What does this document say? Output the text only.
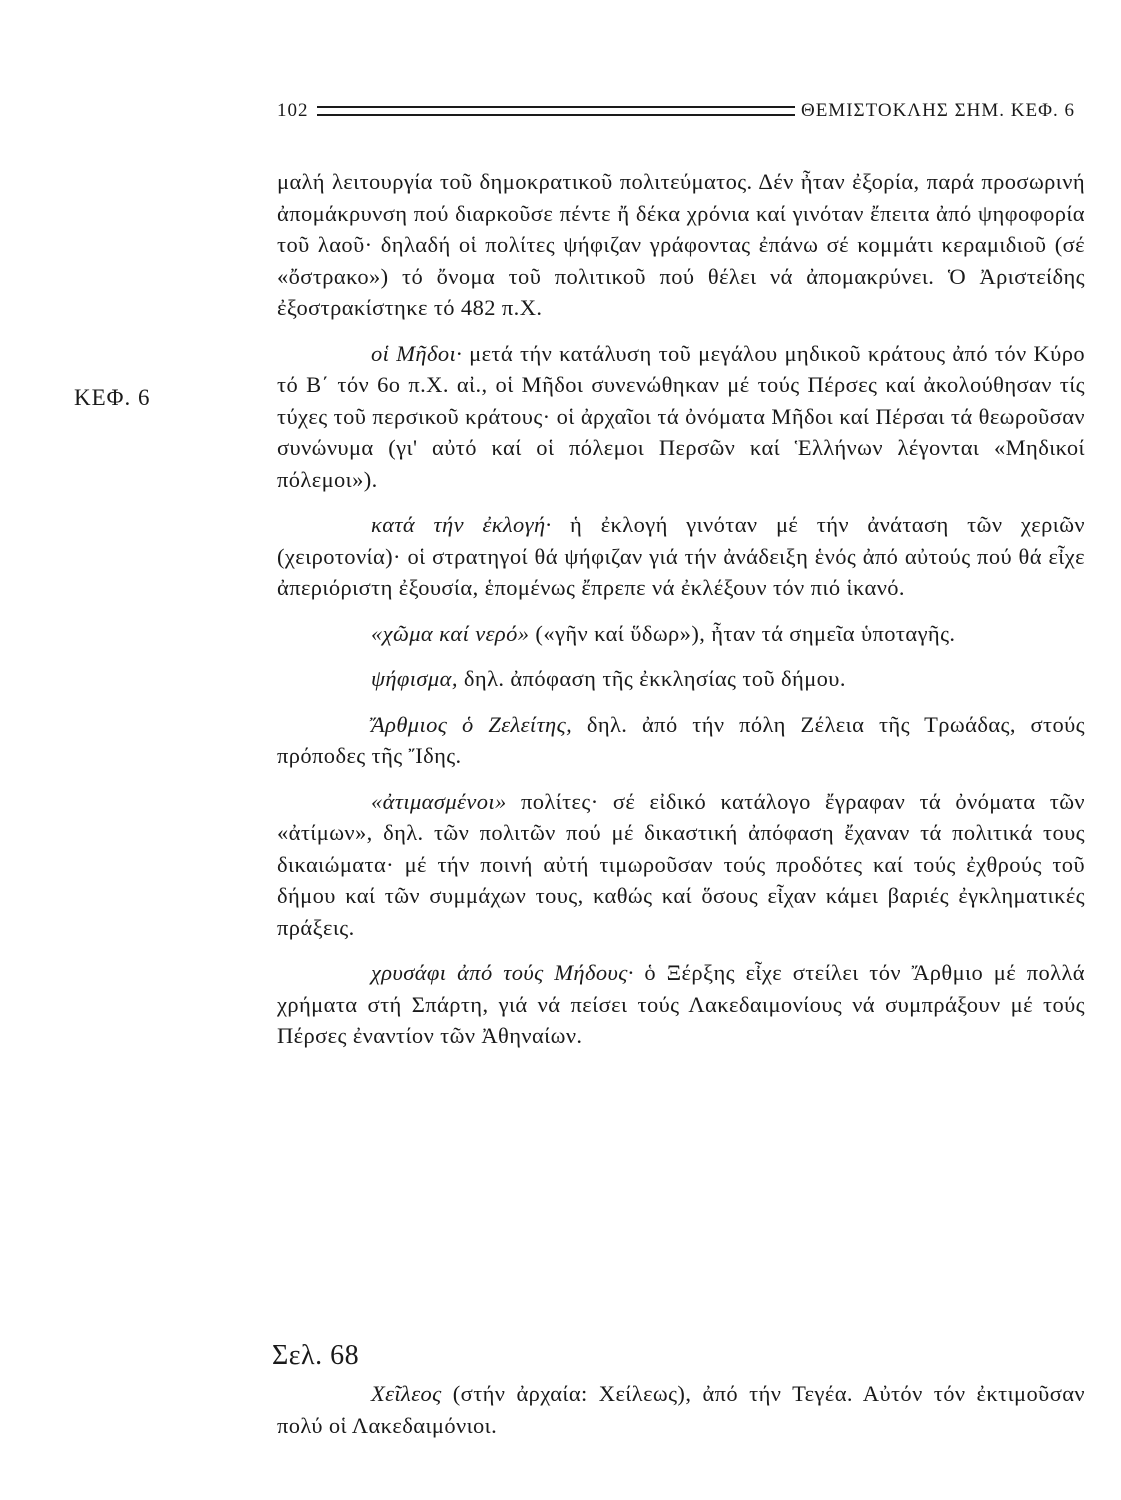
102	ΘΕΜΙΣΤΟΚΛΗΣ ΣΗΜ. ΚΕΦ. 6
ΚΕΦ. 6

μαλή λειτουργία τοῦ δημοκρατικοῦ πολιτεύματος. Δέν ἦταν ἐξορία, παρά προσωρινή ἀπομάκρυνση πού διαρκοῦσε πέντε ἤ δέκα χρόνια καί γινόταν ἔπειτα ἀπό ψηφοφορία τοῦ λαοῦ· δηλαδή οἱ πολίτες ψήφιζαν γράφοντας ἐπάνω σέ κομμάτι κεραμιδιοῦ (σέ «ὄστρακο») τό ὄνομα τοῦ πολιτικοῦ πού θέλει νά ἀπομακρύνει. Ὁ Ἀριστείδης ἐξοστρακίστηκε τό 482 π.Χ.

οἱ Μῆδοι· μετά τήν κατάλυση τοῦ μεγάλου μηδικοῦ κράτους ἀπό τόν Κύρο τό Β΄ τόν 6ο π.Χ. αἰ., οἱ Μῆδοι συνενώθηκαν μέ τούς Πέρσες καί ἀκολούθησαν τίς τύχες τοῦ περσικοῦ κράτους· οἱ ἀρχαῖοι τά ὀνόματα Μῆδοι καί Πέρσαι τά θεωροῦσαν συνώνυμα (γι' αὐτό καί οἱ πόλεμοι Περσῶν καί Ἑλλήνων λέγονται «Μηδικοί πόλεμοι»).

κατά τήν ἐκλογή· ἡ ἐκλογή γινόταν μέ τήν ἀνάταση τῶν χεριῶν (χειροτονία)· οἱ στρατηγοί θά ψήφιζαν γιά τήν ἀνάδειξη ἑνός ἀπό αὐτούς πού θά εἶχε ἀπεριόριστη ἐξουσία, ἑπομένως ἔπρεπε νά ἐκλέξουν τόν πιό ἱκανό.

«χῶμα καί νερό» («γῆν καί ὕδωρ»), ἦταν τά σημεῖα ὑποταγῆς.

ψήφισμα, δηλ. ἀπόφαση τῆς ἐκκλησίας τοῦ δήμου.

Ἄρθμιος ὁ Ζελείτης, δηλ. ἀπό τήν πόλη Ζέλεια τῆς Τρωάδας, στούς πρόποδες τῆς Ἴδης.

«ἀτιμασμένοι» πολίτες· σέ εἰδικό κατάλογο ἔγραφαν τά ὀνόματα τῶν «ἀτίμων», δηλ. τῶν πολιτῶν πού μέ δικαστική ἀπόφαση ἔχαναν τά πολιτικά τους δικαιώματα· μέ τήν ποινή αὐτή τιμωροῦσαν τούς προδότες καί τούς ἐχθρούς τοῦ δήμου καί τῶν συμμάχων τους, καθώς καί ὅσους εἶχαν κάμει βαριές ἐγκληματικές πράξεις.

χρυσάφι ἀπό τούς Μήδους· ὁ Ξέρξης εἶχε στείλει τόν Ἄρθμιο μέ πολλά χρήματα στή Σπάρτη, γιά νά πείσει τούς Λακεδαιμονίους νά συμπράξουν μέ τούς Πέρσες ἐναντίον τῶν Ἀθηναίων.

Σελ. 68

Χεῖλεος (στήν ἀρχαία: Χείλεως), ἀπό τήν Τεγέα. Αὐτόν τόν ἐκτιμοῦσαν πολύ οἱ Λακεδαιμόνιοι.
